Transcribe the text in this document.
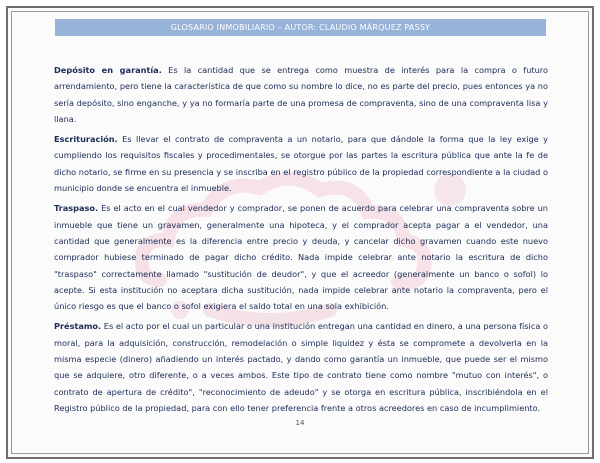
GLOSARIO INMOBILIARIO – AUTOR: CLAUDIO MÁRQUEZ PASSY

Depósito en garantía. Es la cantidad que se entrega como muestra de interés para la compra o futuro arrendamiento, pero tiene la característica de que como su nombre lo dice, no es parte del precio, pues entonces ya no sería depósito, sino enganche, y ya no formaría parte de una promesa de compraventa, sino de una compraventa lisa y llana.

Escrituración. Es llevar el contrato de compraventa a un notario, para que dándole la forma que la ley exige y cumpliendo los requisitos fiscales y procedimentales, se otorgue por las partes la escritura pública que ante la fe de dicho notario, se firme en su presencia y se inscriba en el registro público de la propiedad correspondiente a la ciudad o municipio donde se encuentra el inmueble.

Traspaso. Es el acto en el cual vendedor y comprador, se ponen de acuerdo para celebrar una compraventa sobre un inmueble que tiene un gravamen, generalmente una hipoteca, y el comprador acepta pagar a el vendedor, una cantidad que generalmente es la diferencia entre precio y deuda, y cancelar dicho gravamen cuando este nuevo comprador hubiese terminado de pagar dicho crédito. Nada impide celebrar ante notario la escritura de dicho "traspaso" correctamente llamado "sustitución de deudor", y que el acreedor (generalmente un banco o sofol) lo acepte. Si esta institución no aceptara dicha sustitución, nada impide celebrar ante notario la compraventa, pero el único riesgo es que el banco o sofol exigiera el saldo total en una sola exhibición.

Préstamo. Es el acto por el cual un particular o una institución entregan una cantidad en dinero, a una persona física o moral, para la adquisición, construcción, remodelación o simple liquidez y ésta se compromete a devolverla en la misma especie (dinero) añadiendo un interés pactado, y dando como garantía un inmueble, que puede ser el mismo que se adquiere, otro diferente, o a veces ambos. Este tipo de contrato tiene como nombre "mutuo con interés", o contrato de apertura de crédito", "reconocimiento de adeudo" y se otorga en escritura pública, inscribiéndola en el Registro público de la propiedad, para con ello tener preferencia frente a otros acreedores en caso de incumplimiento.

14
